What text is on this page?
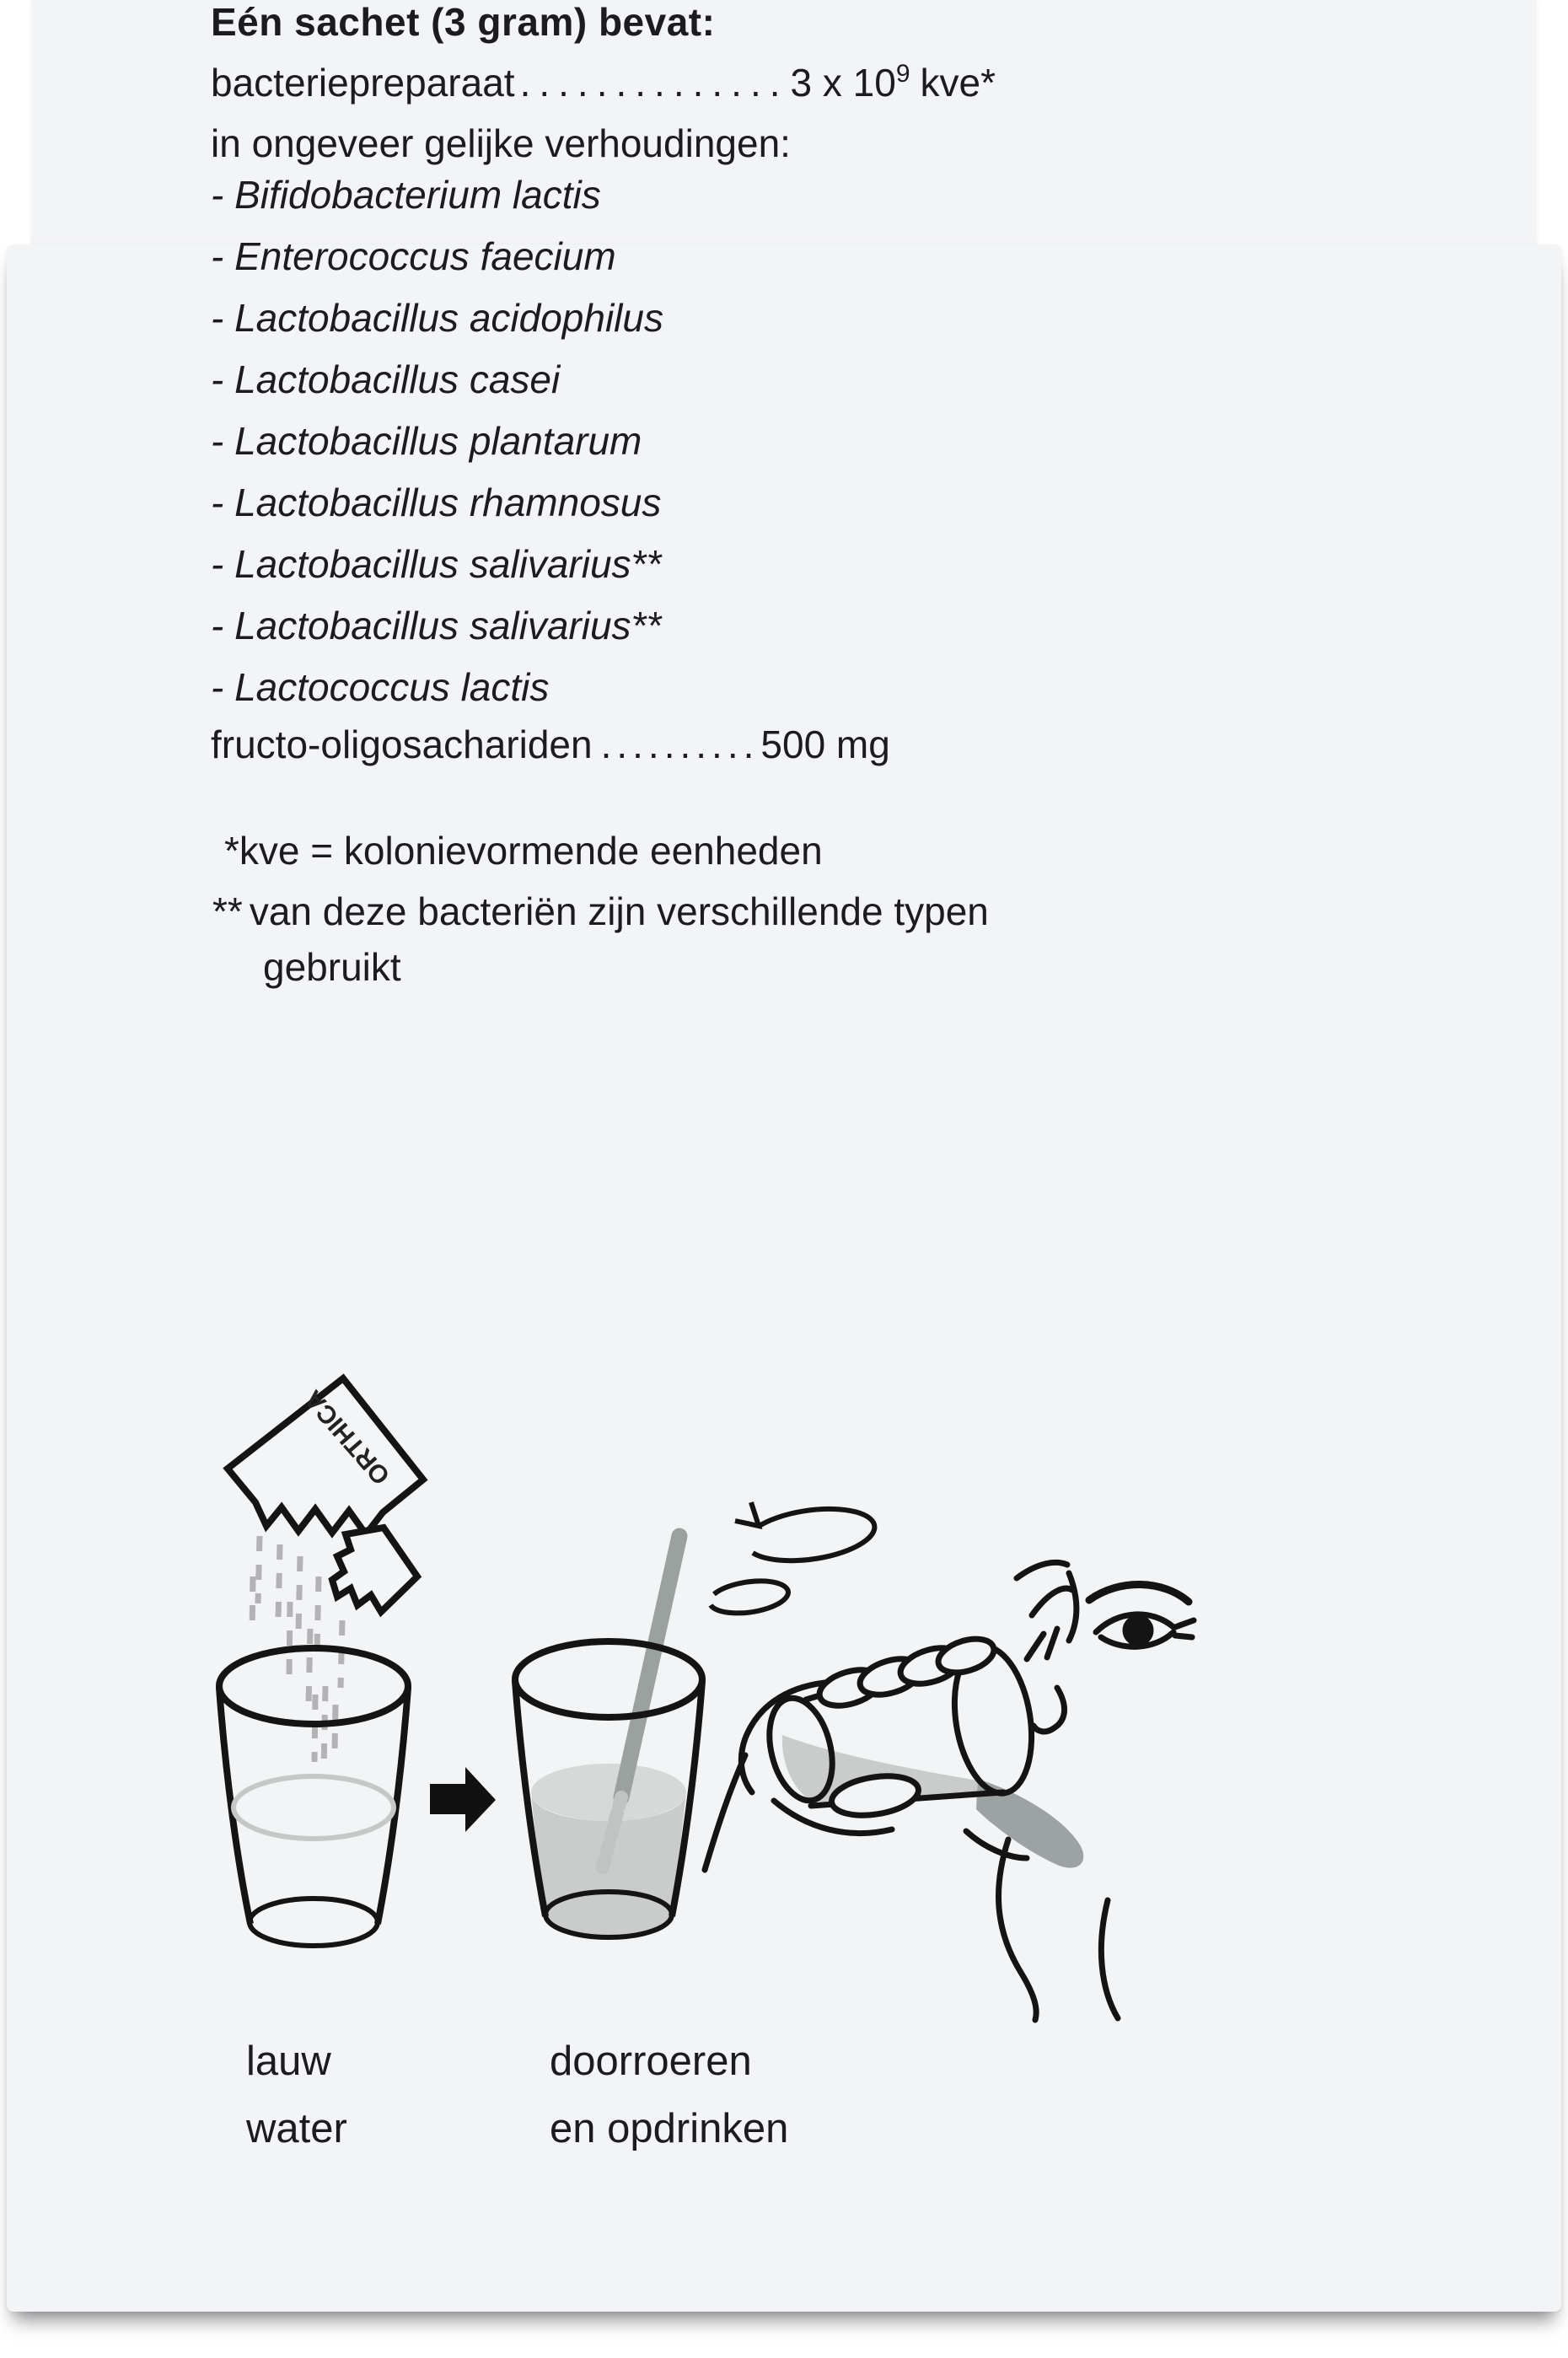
Eén sachet (3 gram) bevat:
bacteriepreparaat ..............3 x $10^9$ kve*
in ongeveer gelijke verhoudingen:
- Bifidobacterium lactis
- Enterococcus faecium
- Lactobacillus acidophilus
- Lactobacillus casei
- Lactobacillus plantarum
- Lactobacillus rhamnosus
- Lactobacillus salivarius**
- Lactobacillus salivarius**
- Lactococcus lactis
fructo-oligosachariden ..........500 mg
*kve = kolonievormende eenheden
** van deze bacteriën zijn verschillende typen
gebruikt
ORTHICA
lauw
water
doorroeren
en opdrinken
